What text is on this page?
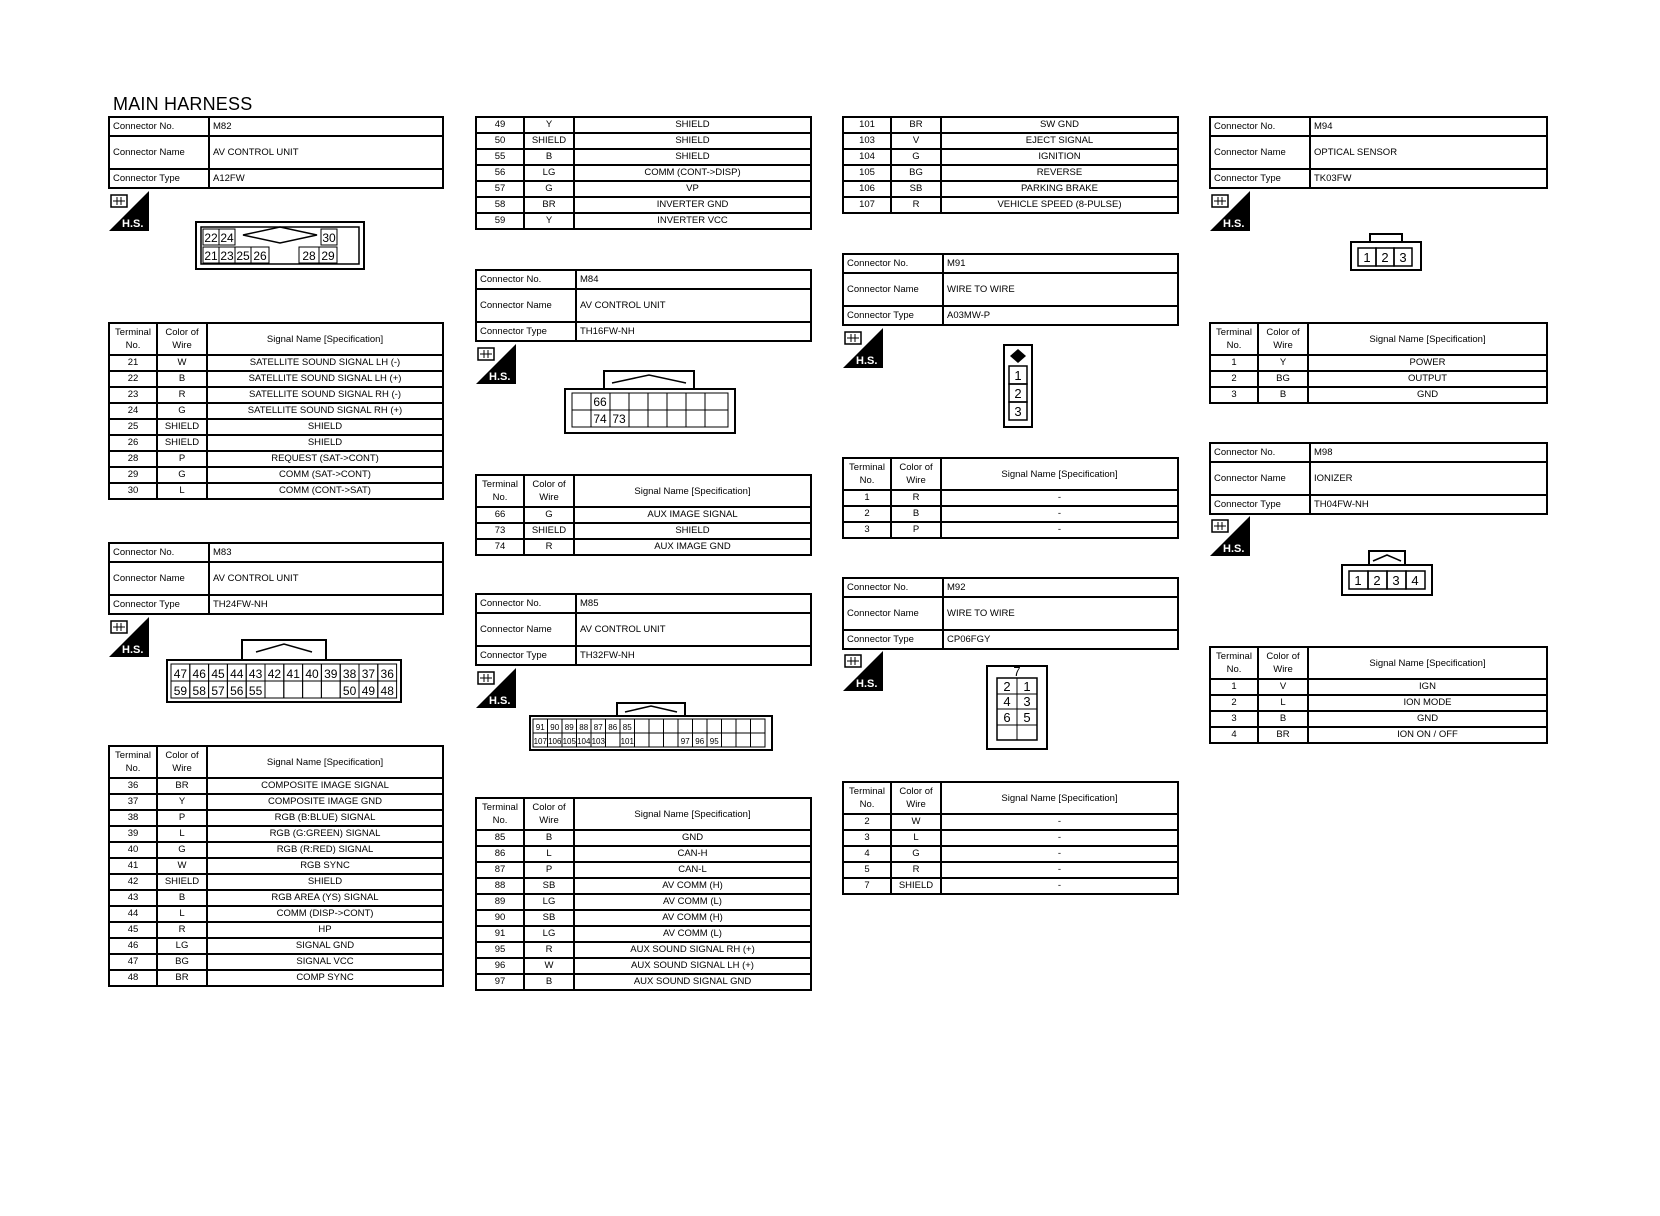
MAIN HARNESS
Connector No.	M82
Connector Name	AV CONTROL UNIT
Connector Type	A12FW
H.S.
22 24	30
21 23 25 26	28 29
Terminal No.	Color of Wire	Signal Name [Specification]
21	W	SATELLITE SOUND SIGNAL LH (-)
22	B	SATELLITE SOUND SIGNAL LH (+)
23	R	SATELLITE SOUND SIGNAL RH (-)
24	G	SATELLITE SOUND SIGNAL RH (+)
25	SHIELD	SHIELD
26	SHIELD	SHIELD
28	P	REQUEST (SAT->CONT)
29	G	COMM (SAT->CONT)
30	L	COMM (CONT->SAT)
Connector No.	M83
Connector Name	AV CONTROL UNIT
Connector Type	TH24FW-NH
H.S.
47 46 45 44 43 42 41 40 39 38 37 36
59 58 57 56 55	50 49 48
Terminal No.	Color of Wire	Signal Name [Specification]
36	BR	COMPOSITE IMAGE SIGNAL
37	Y	COMPOSITE IMAGE GND
38	P	RGB (B:BLUE) SIGNAL
39	L	RGB (G:GREEN) SIGNAL
40	G	RGB (R:RED) SIGNAL
41	W	RGB SYNC
42	SHIELD	SHIELD
43	B	RGB AREA (YS) SIGNAL
44	L	COMM (DISP->CONT)
45	R	HP
46	LG	SIGNAL GND
47	BG	SIGNAL VCC
48	BR	COMP SYNC
49	Y	SHIELD
50	SHIELD	SHIELD
55	B	SHIELD
56	LG	COMM (CONT->DISP)
57	G	VP
58	BR	INVERTER GND
59	Y	INVERTER VCC
Connector No.	M84
Connector Name	AV CONTROL UNIT
Connector Type	TH16FW-NH
H.S.
66
74 73
Terminal No.	Color of Wire	Signal Name [Specification]
66	G	AUX IMAGE SIGNAL
73	SHIELD	SHIELD
74	R	AUX IMAGE GND
Connector No.	M85
Connector Name	AV CONTROL UNIT
Connector Type	TH32FW-NH
H.S.
91 90 89 88 87 86 85
107 106 105 104 103 101	97 96 95
Terminal No.	Color of Wire	Signal Name [Specification]
85	B	GND
86	L	CAN-H
87	P	CAN-L
88	SB	AV COMM (H)
89	LG	AV COMM (L)
90	SB	AV COMM (H)
91	LG	AV COMM (L)
95	R	AUX SOUND SIGNAL RH (+)
96	W	AUX SOUND SIGNAL LH (+)
97	B	AUX SOUND SIGNAL GND
101	BR	SW GND
103	V	EJECT SIGNAL
104	G	IGNITION
105	BG	REVERSE
106	SB	PARKING BRAKE
107	R	VEHICLE SPEED (8-PULSE)
Connector No.	M91
Connector Name	WIRE TO WIRE
Connector Type	A03MW-P
H.S.
1
2
3
Terminal No.	Color of Wire	Signal Name [Specification]
1	R	-
2	B	-
3	P	-
Connector No.	M92
Connector Name	WIRE TO WIRE
Connector Type	CP06FGY
H.S.
7
2 1
4 3
6 5
Terminal No.	Color of Wire	Signal Name [Specification]
2	W	-
3	L	-
4	G	-
5	R	-
7	SHIELD	-
Connector No.	M94
Connector Name	OPTICAL SENSOR
Connector Type	TK03FW
H.S.
1 2 3
Terminal No.	Color of Wire	Signal Name [Specification]
1	Y	POWER
2	BG	OUTPUT
3	B	GND
Connector No.	M98
Connector Name	IONIZER
Connector Type	TH04FW-NH
H.S.
1 2 3 4
Terminal No.	Color of Wire	Signal Name [Specification]
1	V	IGN
2	L	ION MODE
3	B	GND
4	BR	ION ON / OFF
